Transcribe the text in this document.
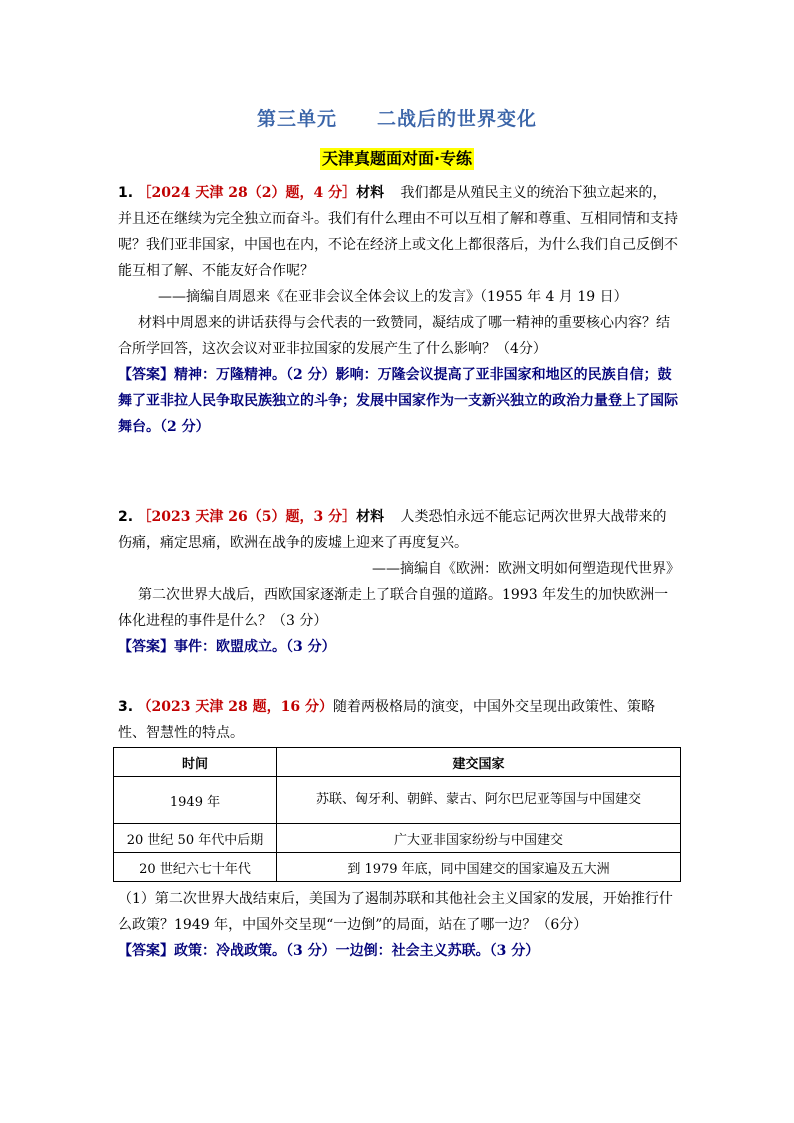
第三单元 二战后的世界变化
天津真题面对面·专练

1. ［2024 天津 28（2）题，4 分］材料 我们都是从殖民主义的统治下独立起来的，并且还在继续为完全独立而奋斗。我们有什么理由不可以互相了解和尊重、互相同情和支持呢？我们亚非国家，中国也在内，不论在经济上或文化上都很落后，为什么我们自己反倒不能互相了解、不能友好合作呢？

——摘编自周恩来《在亚非会议全体会议上的发言》（1955 年 4 月 19 日）

材料中周恩来的讲话获得与会代表的一致赞同，凝结成了哪一精神的重要核心内容？结合所学回答，这次会议对亚非拉国家的发展产生了什么影响？（4分）

【答案】精神：万隆精神。（2 分）影响：万隆会议提高了亚非国家和地区的民族自信；鼓舞了亚非拉人民争取民族独立的斗争；发展中国家作为一支新兴独立的政治力量登上了国际舞台。（2 分）

2. ［2023 天津 26（5）题，3 分］材料 人类恐怕永远不能忘记两次世界大战带来的伤痛，痛定思痛，欧洲在战争的废墟上迎来了再度复兴。

——摘编自《欧洲：欧洲文明如何塑造现代世界》

第二次世界大战后，西欧国家逐渐走上了联合自强的道路。1993 年发生的加快欧洲一体化进程的事件是什么？（3 分）

【答案】事件：欧盟成立。（3 分）

3. （2023 天津 28 题，16 分）随着两极格局的演变，中国外交呈现出政策性、策略性、智慧性的特点。

时间	建交国家
1949 年	苏联、匈牙利、朝鲜、蒙古、阿尔巴尼亚等国与中国建交
20 世纪 50 年代中后期	广大亚非国家纷纷与中国建交
20 世纪六七十年代	到 1979 年底，同中国建交的国家遍及五大洲

（1）第二次世界大战结束后，美国为了遏制苏联和其他社会主义国家的发展，开始推行什么政策？1949 年，中国外交呈现“一边倒”的局面，站在了哪一边？（6分）

【答案】政策：冷战政策。（3 分）一边倒：社会主义苏联。（3 分）
